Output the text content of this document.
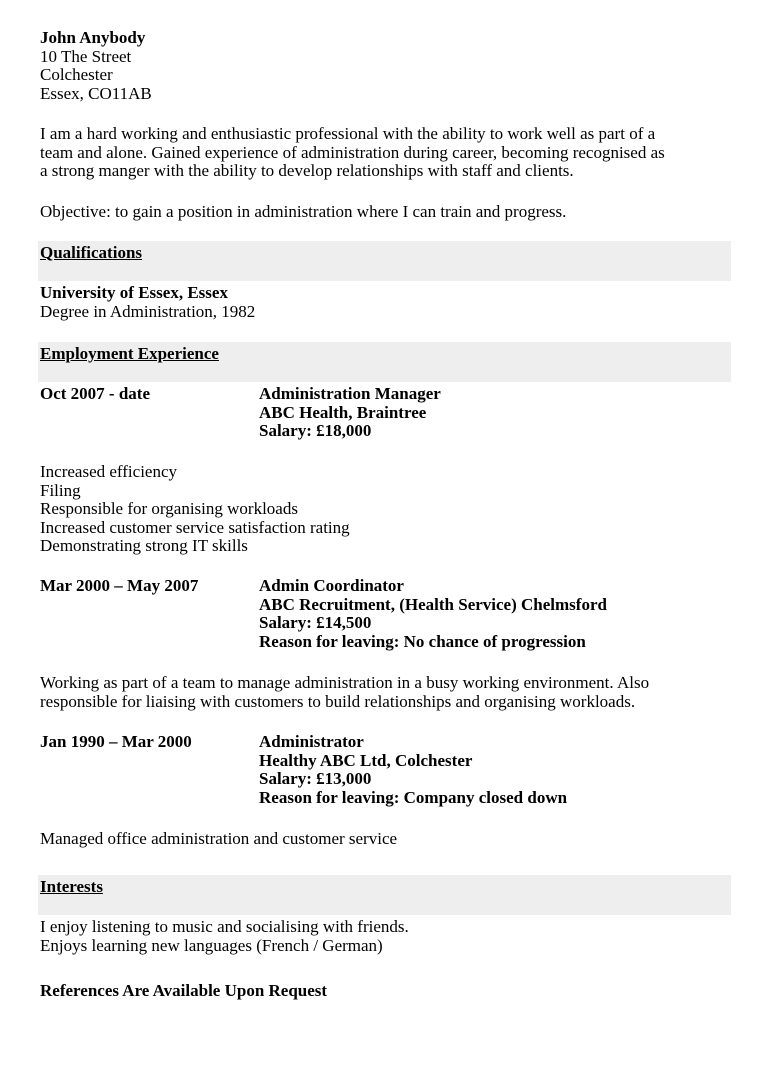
John Anybody
10 The Street
Colchester
Essex, CO11AB
I am a hard working and enthusiastic professional with the ability to work well as part of a
team and alone. Gained experience of administration during career, becoming recognised as
a strong manger with the ability to develop relationships with staff and clients.
Objective: to gain a position in administration where I can train and progress.
Qualifications
University of Essex, Essex
Degree in Administration, 1982
Employment Experience
Oct 2007 - date	Administration Manager
ABC Health, Braintree
Salary: £18,000
Increased efficiency
Filing
Responsible for organising workloads
Increased customer service satisfaction rating
Demonstrating strong IT skills
Mar 2000 – May 2007	Admin Coordinator
ABC Recruitment, (Health Service) Chelmsford
Salary: £14,500
Reason for leaving: No chance of progression
Working as part of a team to manage administration in a busy working environment. Also
responsible for liaising with customers to build relationships and organising workloads.
Jan 1990 – Mar 2000	Administrator
Healthy ABC Ltd, Colchester
Salary: £13,000
Reason for leaving: Company closed down
Managed office administration and customer service
Interests
I enjoy listening to music and socialising with friends.
Enjoys learning new languages (French / German)
References Are Available Upon Request
